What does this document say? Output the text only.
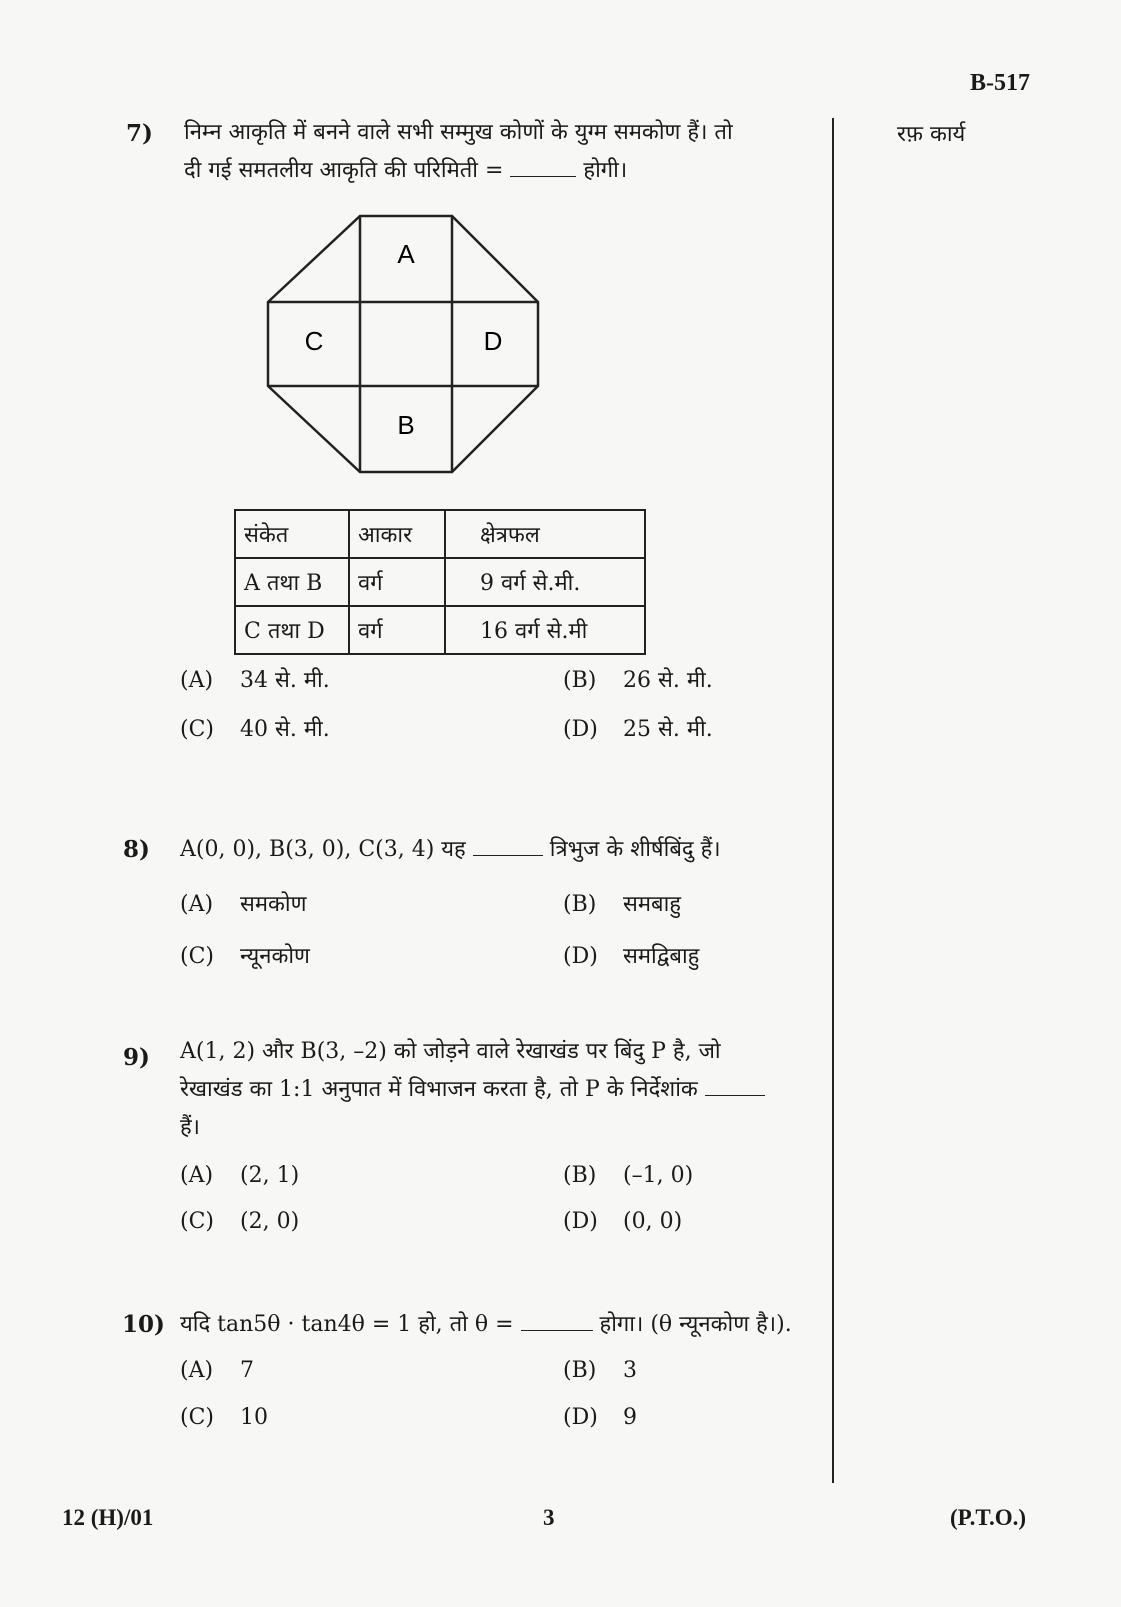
B-517
रफ़ कार्य
7) निम्न आकृति में बनने वाले सभी सम्मुख कोणों के युग्म समकोण हैं। तो
दी गई समतलीय आकृति की परिमिती =	होगी।
A
B
C	D
संकेत	आकार	क्षेत्रफल
A तथा B	वर्ग	9 वर्ग से.मी.
C तथा D	वर्ग	16 वर्ग से.मी
(A) 34 से. मी.	(B) 26 से. मी.
(C) 40 से. मी.	(D) 25 से. मी.
8) A(0, 0), B(3, 0), C(3, 4) यह	त्रिभुज के शीर्षबिंदु हैं।
(A) समकोण	(B) समबाहु
(C) न्यूनकोण	(D) समद्विबाहु
9) A(1, 2) और B(3, –2) को जोड़ने वाले रेखाखंड पर बिंदु P है, जो
रेखाखंड का 1:1 अनुपात में विभाजन करता है, तो P के निर्देशांक
हैं।
(A) (2, 1)	(B) (–1, 0)
(C) (2, 0)	(D) (0, 0)
10) यदि tan5θ · tan4θ = 1 हो, तो θ =	होगा। (θ न्यूनकोण है।).
(A) 7	(B) 3
(C) 10	(D) 9
12 (H)/01	3	(P.T.O.)
